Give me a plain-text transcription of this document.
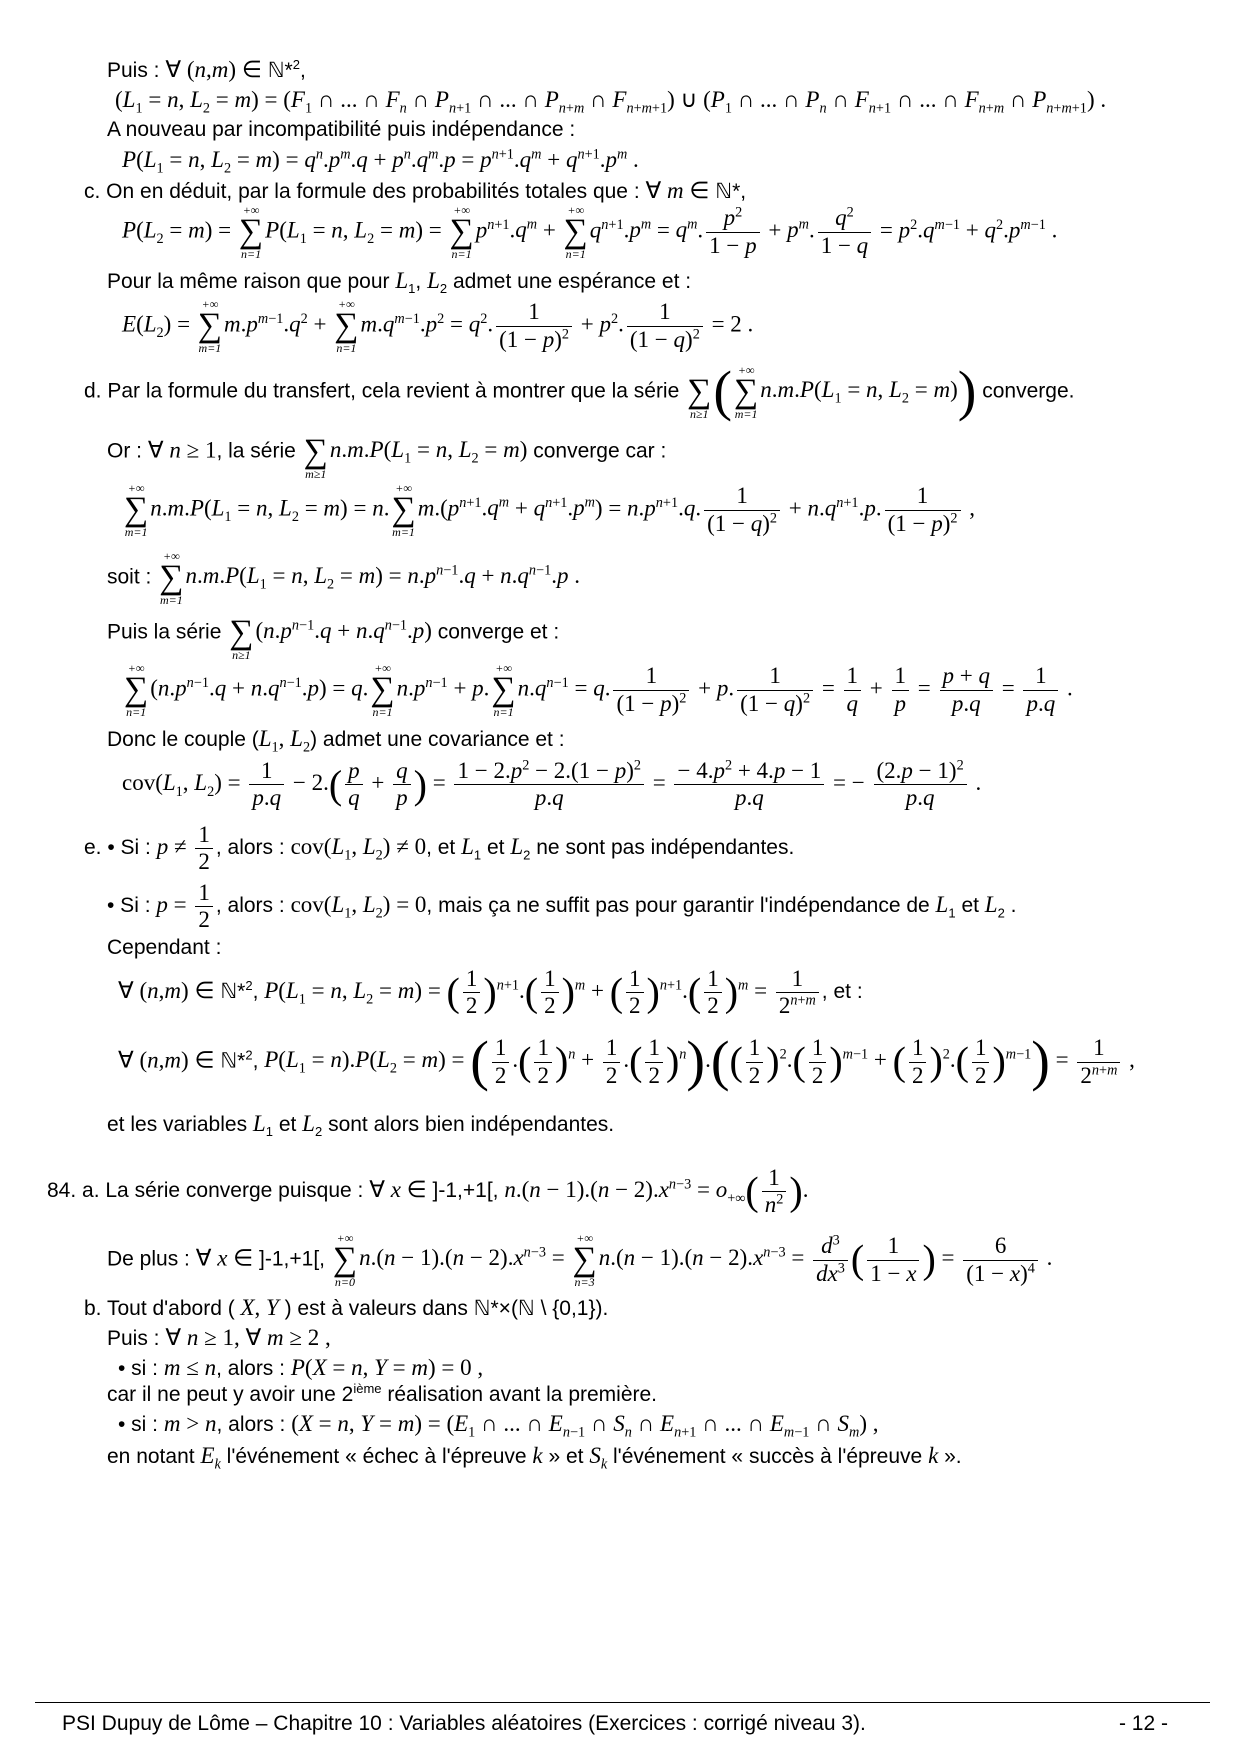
Puis : ∀ (n,m) ∈ ℕ*$^2$,
($L_1 = n$, $L_2 = m) = (F_1$ ∩ ... ∩ $F_n$ ∩ $P_{n+1}$ ∩ ... ∩ $P_{n+m}$ ∩ $F_{n+m+1}$) ∪ ($P_1$ ∩ ... ∩ $P_n$ ∩ $F_{n+1}$ ∩ ... ∩ $F_{n+m}$ ∩ $P_{n+m+1}$) .
A nouveau par incompatibilité puis indépendance :
$P(L_1 = n$, $L_2 = m) = q^n.p^m.q + p^n.q^m.p = p^{n+1}.q^m + q^{n+1}.p^m$ .
c. On en déduit, par la formule des probabilités totales que : ∀ m ∈ ℕ*,
$P(L_2 = m)$ =
+∞
∑
n=1
$P(L_1 = n$, $L_2 = m$) =
+∞
∑
n=1
$p^{n+1}.q^m$ +
+∞
∑
n=1
$q^{n+1}.p^m = q^m$. $\frac{p^2}{1 - p} + p^m$. $\frac{q^2}{1 - q} = p^2.q^{m-1} + q^2.p^{m-1}$ .
Pour la même raison que pour $L_1$, $L_2$ admet une espérance et :
$E(L_2)$ =
+∞
∑
m=1
$m.p^{m-1}.q^2$ +
+∞
∑
n=1
$m.q^{m-1}.p^2 = q^2$. $\frac{1}{(1 - p)^2} + p^2$. $\frac{1}{(1 - q)^2} = 2$ .
d. Par la formule du transfert, cela revient à montrer que la série
∑
n≥1 ( +∞
∑
m=1
$n.m.P(L_1 = n$, $L_2 = m$)) converge.
Or : ∀ n ≥ 1, la série
∑
m≥1
$n.m.P(L_1 = n$, $L_2 = m$) converge car :
+∞
∑
m=1
$n.m.P(L_1 = n$, $L_2 = m) = n$.
+∞
∑
m=1
$m.(p^{n+1}.q^m + q^{n+1}.p^m) = n.p^{n+1}.q$. $\frac{1}{(1 - q)^2} + n.q^{n+1}.p$. $\frac{1}{(1 - p)^2}$ ,
soit :
+∞
∑
m=1
$n.m.P(L_1 = n$, $L_2 = m) = n.p^{n-1}.q + n.q^{n-1}.p$ .
Puis la série
∑
n≥1
$(n.p^{n-1}.q + n.q^{n-1}.p)$ converge et :
+∞
∑
n=1
$(n.p^{n-1}.q + n.q^{n-1}.p) = q$.
+∞
∑
n=1
$n.p^{n-1} + p$.
+∞
∑
n=1
$n.q^{n-1} = q$. $\frac{1}{(1 - p)^2} + p$. $\frac{1}{(1 - q)^2} = \frac{1}{q} + \frac{1}{p} = \frac{p + q}{p.q} = \frac{1}{p.q}$ .
Donc le couple ($L_1$, $L_2$) admet une covariance et :
$cov(L_1$, $L_2) = \frac{1}{p.q} - 2.( \frac{p}{q} + \frac{q}{p}$ ) = $\frac{1 - 2.p^2 - 2.(1 - p)^2}{p.q} = \frac{- 4.p^2 + 4.p - 1}{p.q}$ = − $\frac{(2.p - 1)^2}{p.q}$ .
e. • Si : $p \ne \frac{1}{2}$ , alors : $cov(L_1$, $L_2) \ne 0$, et $L_1$ et $L_2$ ne sont pas indépendantes.
• Si : $p = \frac{1}{2}$ , alors : $cov(L_1$, $L_2) = 0$, mais ça ne suffit pas pour garantir l'indépendance de $L_1$ et $L_2$ .
Cependant :
∀ (n,m) ∈ ℕ*$^2$, $P(L_1 = n$, $L_2 = m$) = ( $\frac{1}{2} )^{n+1}.( \frac{1}{2} )^m$ + ( $\frac{1}{2} )^{n+1}.( \frac{1}{2} )^m = \frac{1}{2^{n+m}}$ , et :
∀ (n,m) ∈ ℕ*$^2$, $P(L_1 = n).P(L_2 = m)$ = ( $\frac{1}{2}$ .( $\frac{1}{2} )^n + \frac{1}{2}$ .( $\frac{1}{2} )^n).(( \frac{1}{2} )^2.( \frac{1}{2} )^{m-1}$ + ( $\frac{1}{2} )^2.( \frac{1}{2} )^{m-1}) = \frac{1}{2^{n+m}}$ ,
et les variables $L_1$ et $L_2$ sont alors bien indépendantes.
84. a. La série converge puisque : ∀ x ∈ ]-1,+1[, $n.(n - 1).(n - 2).x^{n-3} = o_{+\infty}( \frac{1}{n^2}$ ).
De plus : ∀ x ∈ ]-1,+1[,
+∞
∑
n=0
$n.(n - 1).(n - 2).x^{n-3}$ =
+∞
∑
n=3
$n.(n - 1).(n - 2).x^{n-3} = \frac{d^3}{dx^3}$ ( $\frac{1}{1 - x}$ ) = $\frac{6}{(1 - x)^4}$ .
b. Tout d'abord ( X, Y ) est à valeurs dans ℕ*×(ℕ \ {0,1}).
Puis : ∀ n ≥ 1, ∀ m ≥ 2 ,
• si : m ≤ n, alors : P(X = n, Y = m) = 0 ,
car il ne peut y avoir une 2ième réalisation avant la première.
• si : m > n, alors : (X = n, $Y = m) = (E_1$ ∩ ... ∩ $E_{n-1}$ ∩ $S_n$ ∩ $E_{n+1}$ ∩ ... ∩ $E_{m-1}$ ∩ $S_m$) ,
en notant $E_k$ l'événement « échec à l'épreuve k » et $S_k$ l'événement « succès à l'épreuve k ».
PSI Dupuy de Lôme – Chapitre 10 : Variables aléatoires (Exercices : corrigé niveau 3).	- 12 -
